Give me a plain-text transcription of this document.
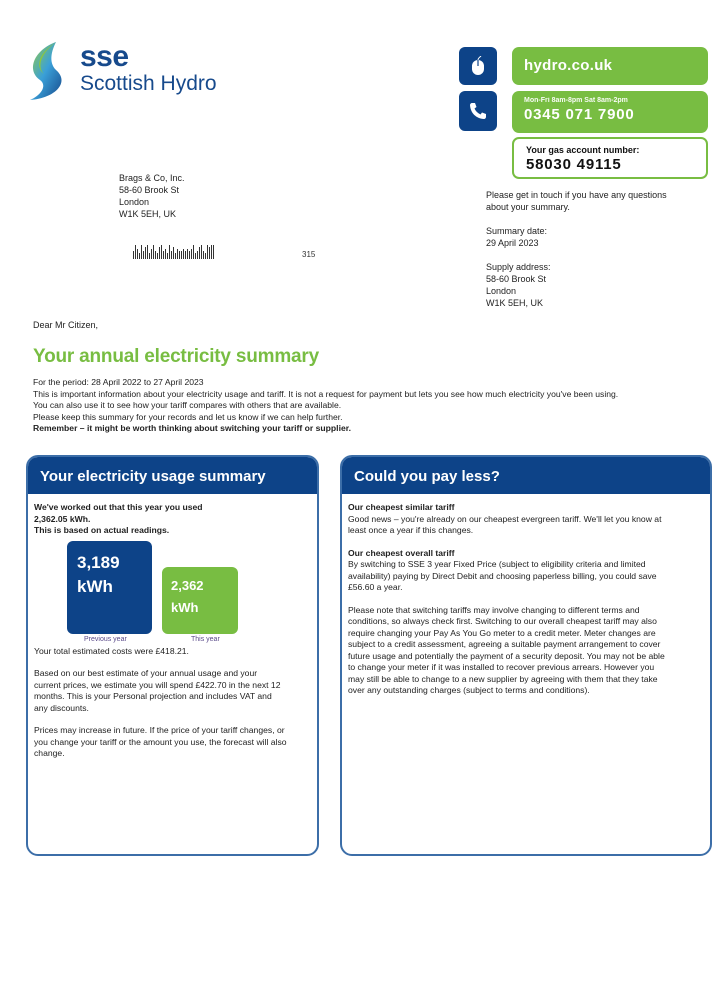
sse
Scottish Hydro
hydro.co.uk
Mon-Fri 8am-8pm Sat 8am-2pm
0345 071 7900
Your gas account number:
58030 49115
Brags & Co, Inc.
58-60 Brook St
London
W1K 5EH, UK
315

Please get in touch if you have any questions about your summary.

Summary date:
29 April 2023

Supply address:
58-60 Brook St
London
W1K 5EH, UK

Dear Mr Citizen,
Your annual electricity summary
For the period: 28 April 2022 to 27 April 2023
This is important information about your electricity usage and tariff. It is not a request for payment but lets you see how much electricity you've been using. You can also use it to see how your tariff compares with others that are available.
Please keep this summary for your records and let us know if we can help further.
Remember – it might be worth thinking about switching your tariff or supplier.
Your electricity usage summary
We've worked out that this year you used
2,362.05 kWh.
This is based on actual readings.
3,189
kWh	2,362
kWh
Previous year	This year
Your total estimated costs were £418.21.
Based on our best estimate of your annual usage and your current prices, we estimate you will spend £422.70 in the next 12 months. This is your Personal projection and includes VAT and any discounts.
Prices may increase in future. If the price of your tariff changes, or you change your tariff or the amount you use, the forecast will also change.
Could you pay less?
Our cheapest similar tariff
Good news – you're already on our cheapest evergreen tariff. We'll let you know at least once a year if this changes.
Our cheapest overall tariff
By switching to SSE 3 year Fixed Price (subject to eligibility criteria and limited availability) paying by Direct Debit and choosing paperless billing, you could save £56.60 a year.
Please note that switching tariffs may involve changing to different terms and conditions, so always check first. Switching to our overall cheapest tariff may also require changing your Pay As You Go meter to a credit meter. Meter changes are subject to a credit assessment, agreeing a suitable payment arrangement to cover future usage and potentially the payment of a security deposit. You may not be able to change your meter if it was installed to recover previous arrears. However you may still be able to change to a new supplier by agreeing with them that they take over any outstanding charges (subject to terms and conditions).
